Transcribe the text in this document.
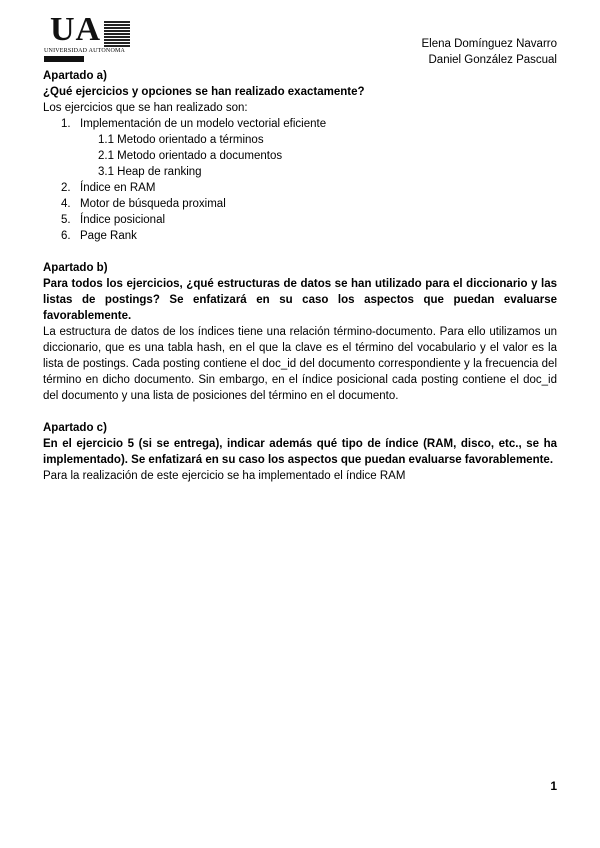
UA
UNIVERSIDAD AUTONOMA
Elena Domínguez Navarro
Daniel González Pascual

Apartado a)

¿Qué ejercicios y opciones se han realizado exactamente?

Los ejercicios que se han realizado son:

1. Implementación de un modelo vectorial eficiente
1.1 Metodo orientado a términos
2.1 Metodo orientado a documentos
3.1 Heap de ranking
2. Índice en RAM
4. Motor de búsqueda proximal
5. Índice posicional
6. Page Rank

Apartado b)

Para todos los ejercicios, ¿qué estructuras de datos se han utilizado para el diccionario y las listas de postings? Se enfatizará en su caso los aspectos que puedan evaluarse favorablemente.

La estructura de datos de los índices tiene una relación término-documento. Para ello utilizamos un diccionario, que es una tabla hash, en el que la clave es el término del vocabulario y el valor es la lista de postings. Cada posting contiene el doc_id del documento correspondiente y la frecuencia del término en dicho documento. Sin embargo, en el índice posicional cada posting contiene el doc_id del documento y una lista de posiciones del término en el documento.

Apartado c)

En el ejercicio 5 (si se entrega), indicar además qué tipo de índice (RAM, disco, etc., se ha implementado). Se enfatizará en su caso los aspectos que puedan evaluarse favorablemente.

Para la realización de este ejercicio se ha implementado el índice RAM

1
